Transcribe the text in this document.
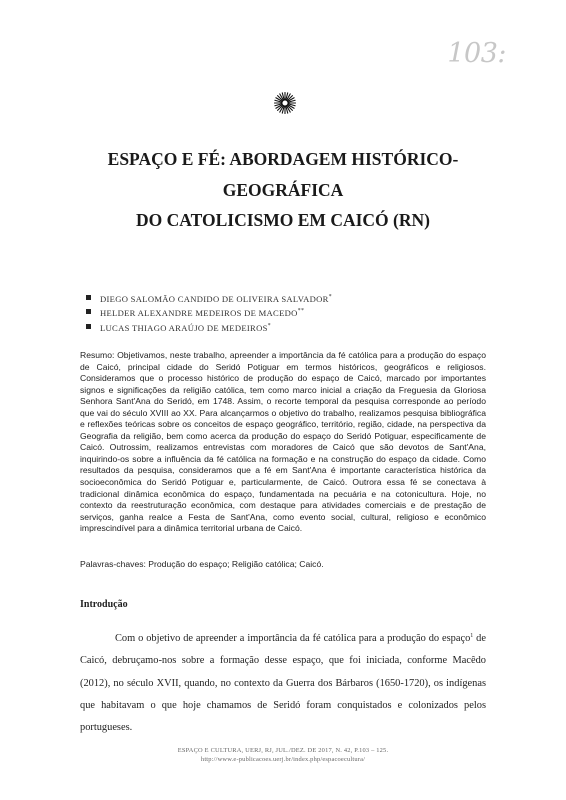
103:
ESPAÇO E FÉ: ABORDAGEM HISTÓRICO-
GEOGRÁFICA
DO CATOLICISMO EM CAICÓ (RN)
DIEGO SALOMÃO CANDIDO DE OLIVEIRA SALVADOR*
HELDER ALEXANDRE MEDEIROS DE MACEDO**
LUCAS THIAGO ARAÚJO DE MEDEIROS*

Resumo: Objetivamos, neste trabalho, apreender a importância da fé católica para a produção do espaço de Caicó, principal cidade do Seridó Potiguar em termos históricos, geográficos e religiosos. Consideramos que o processo histórico de produção do espaço de Caicó, marcado por importantes signos e significações da religião católica, tem como marco inicial a criação da Freguesia da Gloriosa Senhora Sant'Ana do Seridó, em 1748. Assim, o recorte temporal da pesquisa corresponde ao período que vai do século XVIII ao XX. Para alcançarmos o objetivo do trabalho, realizamos pesquisa bibliográfica e reflexões teóricas sobre os conceitos de espaço geográfico, território, região, cidade, na perspectiva da Geografia da religião, bem como acerca da produção do espaço do Seridó Potiguar, especificamente de Caicó. Outrossim, realizamos entrevistas com moradores de Caicó que são devotos de Sant'Ana, inquirindo-os sobre a influência da fé católica na formação e na construção do espaço da cidade. Como resultados da pesquisa, consideramos que a fé em Sant'Ana é importante característica histórica da socioeconômica do Seridó Potiguar e, particularmente, de Caicó. Outrora essa fé se conectava à tradicional dinâmica econômica do espaço, fundamentada na pecuária e na cotonicultura. Hoje, no contexto da reestruturação econômica, com destaque para atividades comerciais e de prestação de serviços, ganha realce a Festa de Sant'Ana, como evento social, cultural, religioso e econômico imprescindível para a dinâmica territorial urbana de Caicó.

Palavras-chaves: Produção do espaço; Religião católica; Caicó.

Introdução

Com o objetivo de apreender a importância da fé católica para a produção do espaço$^1$ de Caicó, debruçamo-nos sobre a formação desse espaço, que foi iniciada, conforme Macêdo (2012), no século XVII, quando, no contexto da Guerra dos Bárbaros (1650-1720), os indígenas que habitavam o que hoje chamamos de Seridó foram conquistados e colonizados pelos portugueses.

ESPAÇO E CULTURA, UERJ, RJ, JUL./DEZ. DE 2017, N. 42, P.103 – 125.
http://www.e-publicacoes.uerj.br/index.php/espacoecultura/
